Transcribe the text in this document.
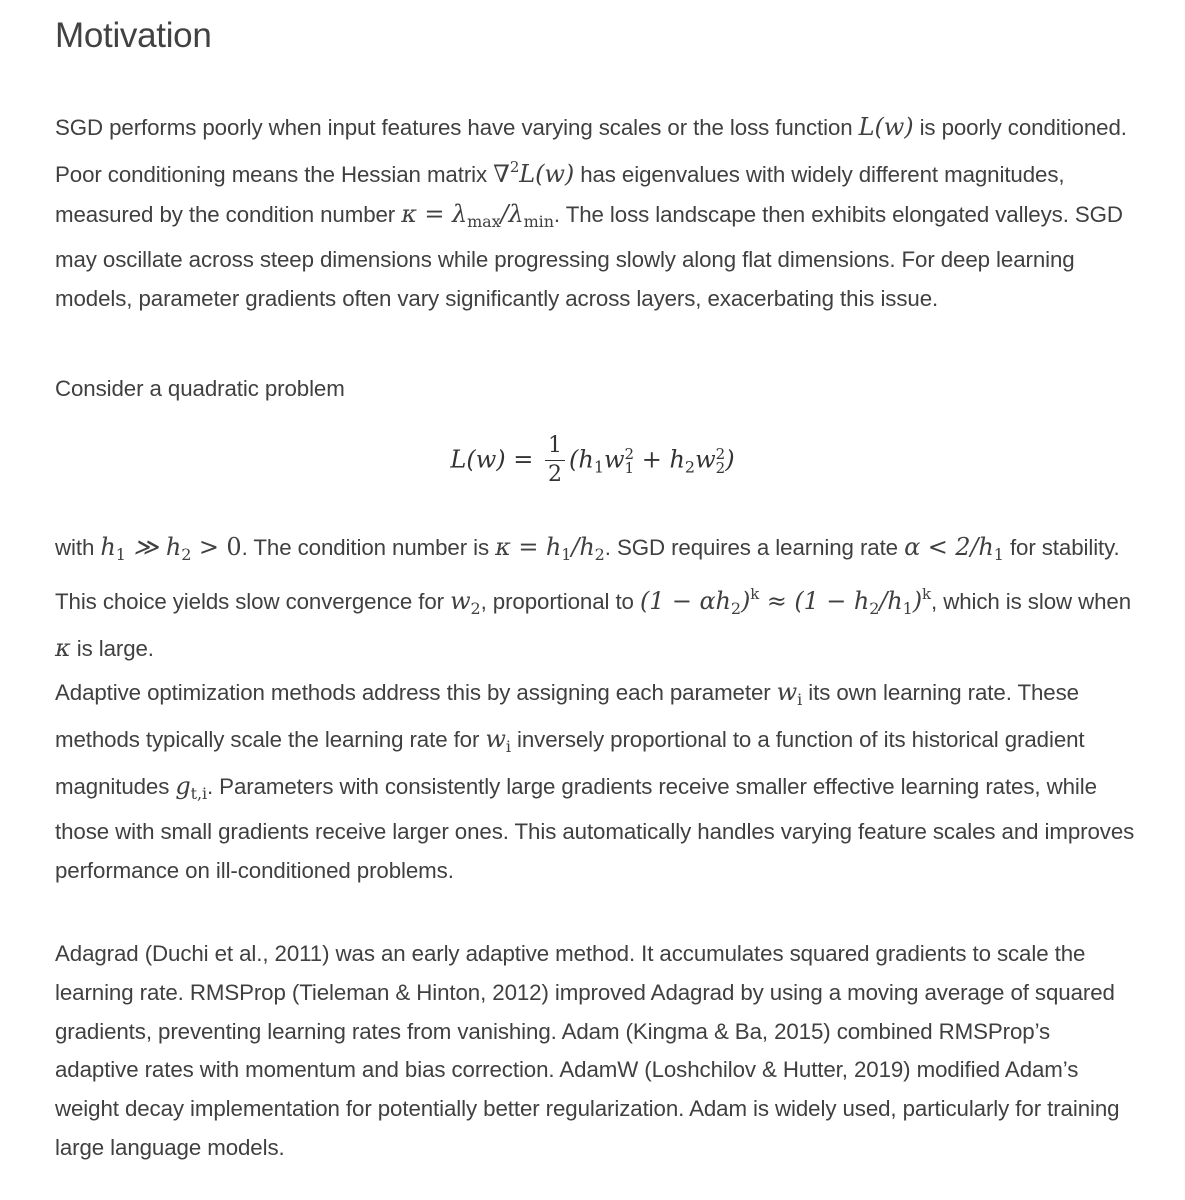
Motivation

SGD performs poorly when input features have varying scales or the loss function L(w) is poorly conditioned. Poor conditioning means the Hessian matrix ∇$^2$L(w) has eigenvalues with widely different magnitudes, measured by the condition number $\kappa = \lambda_{max}/\lambda_{min}$. The loss landscape then exhibits elongated valleys. SGD may oscillate across steep dimensions while progressing slowly along flat dimensions. For deep learning models, parameter gradients often vary significantly across layers, exacerbating this issue.

Consider a quadratic problem

$L(w) = \frac{1}{2} (h1w$ 2
1 + h2w 2
2 )

with $h_1$ ≫ $h_2 > 0$. The condition number is $\kappa = h_1/h_2$. SGD requires a learning rate $\alpha < 2/h_1$ for stability. This choice yields slow convergence for $w_2$, proportional to $(1 - \alpha h_2)^k \approx (1 - h_2/h_1)^k$, which is slow when κ is large.

Adaptive optimization methods address this by assigning each parameter $w_i$ its own learning rate. These methods typically scale the learning rate for $w_i$ inversely proportional to a function of its historical gradient magnitudes $g_{t,i}$. Parameters with consistently large gradients receive smaller effective learning rates, while those with small gradients receive larger ones. This automatically handles varying feature scales and improves performance on ill-conditioned problems.

Adagrad (Duchi et al., 2011) was an early adaptive method. It accumulates squared gradients to scale the learning rate. RMSProp (Tieleman & Hinton, 2012) improved Adagrad by using a moving average of squared gradients, preventing learning rates from vanishing. Adam (Kingma & Ba, 2015) combined RMSProp’s adaptive rates with momentum and bias correction. AdamW (Loshchilov & Hutter, 2019) modified Adam’s weight decay implementation for potentially better regularization. Adam is widely used, particularly for training large language models.
